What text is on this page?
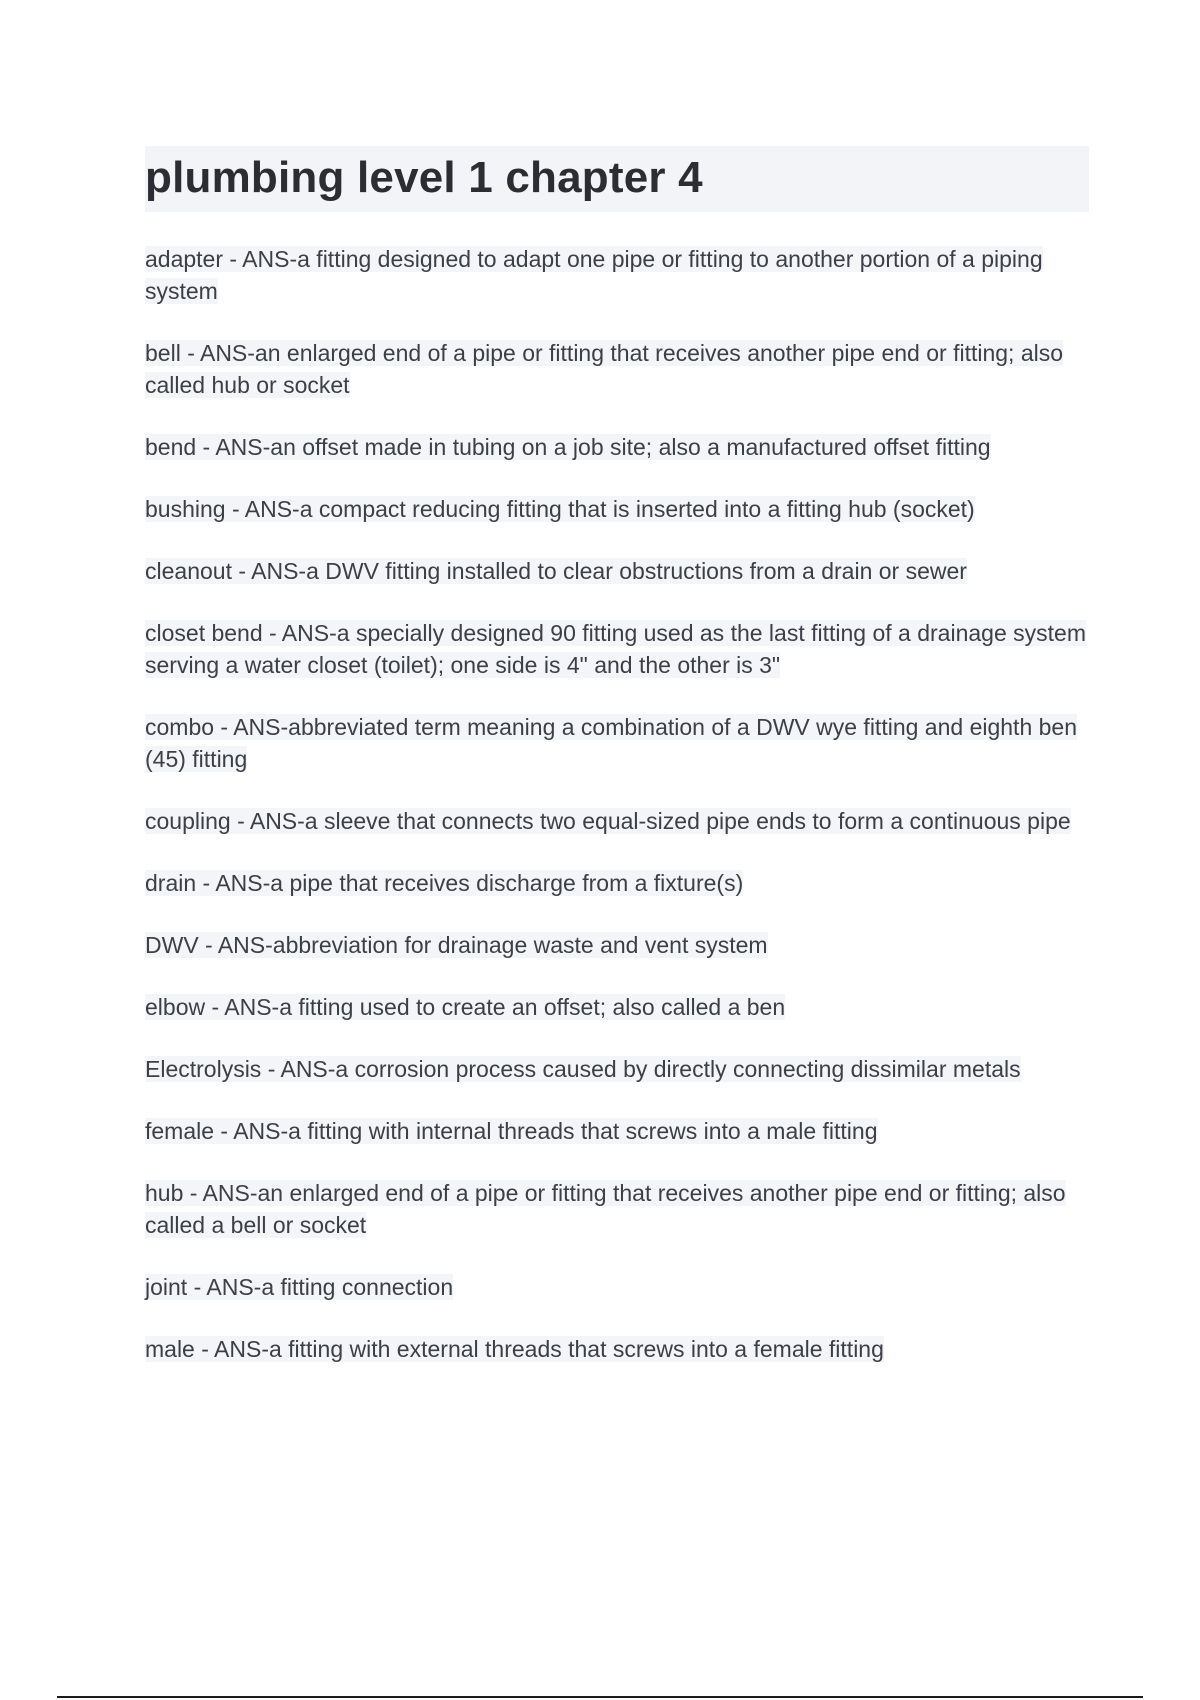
plumbing level 1 chapter 4

adapter - ANS-a fitting designed to adapt one pipe or fitting to another portion of a piping system

bell - ANS-an enlarged end of a pipe or fitting that receives another pipe end or fitting; also called hub or socket

bend - ANS-an offset made in tubing on a job site; also a manufactured offset fitting

bushing - ANS-a compact reducing fitting that is inserted into a fitting hub (socket)

cleanout - ANS-a DWV fitting installed to clear obstructions from a drain or sewer

closet bend - ANS-a specially designed 90 fitting used as the last fitting of a drainage system serving a water closet (toilet); one side is 4" and the other is 3"

combo - ANS-abbreviated term meaning a combination of a DWV wye fitting and eighth ben (45) fitting

coupling - ANS-a sleeve that connects two equal-sized pipe ends to form a continuous pipe

drain - ANS-a pipe that receives discharge from a fixture(s)

DWV - ANS-abbreviation for drainage waste and vent system

elbow - ANS-a fitting used to create an offset; also called a ben

Electrolysis - ANS-a corrosion process caused by directly connecting dissimilar metals

female - ANS-a fitting with internal threads that screws into a male fitting

hub - ANS-an enlarged end of a pipe or fitting that receives another pipe end or fitting; also called a bell or socket

joint - ANS-a fitting connection

male - ANS-a fitting with external threads that screws into a female fitting
